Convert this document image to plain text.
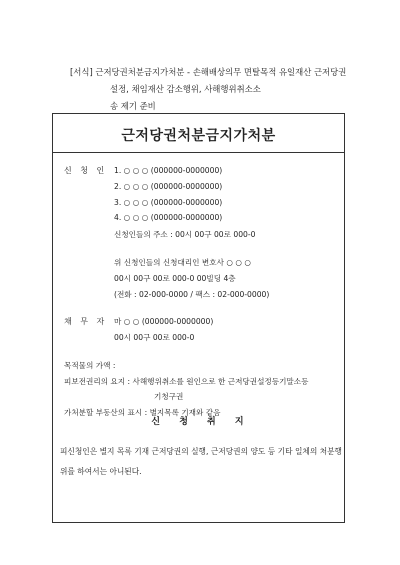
[서식] 근저당권처분금지가처분 - 손해배상의무 면탈목적 유일재산 근저당권
설정, 채임재산 감소행위, 사해행위취소소
송 제기 준비
근저당권처분금지가처분
신 청 인 1. ○ ○ ○ (000000-0000000)
2. ○ ○ ○ (000000-0000000)
3. ○ ○ ○ (000000-0000000)
4. ○ ○ ○ (000000-0000000)
신청인들의 주소 : 00시 00구 00로 000-0
위 신청인들의 신청대리인 변호사 ○ ○ ○
00시 00구 00로 000-0 00빌딩 4층
(전화 : 02-000-0000 / 팩스 : 02-000-0000)
채 무 자 마 ○ ○ (000000-0000000)
00시 00구 00로 000-0
목적물의 가액 :
피보전권리의 요지 : 사해행위취소를 원인으로 한 근저당권설정등기말소등
기청구권
가처분할 부동산의 표시 : 별지목록 기재와 같음
신 청 취 지
피신청인은 별지 목록 기재 근저당권의 실행, 근저당권의 양도 등 기타 일체의 처분행위를 하여서는 아니된다.
